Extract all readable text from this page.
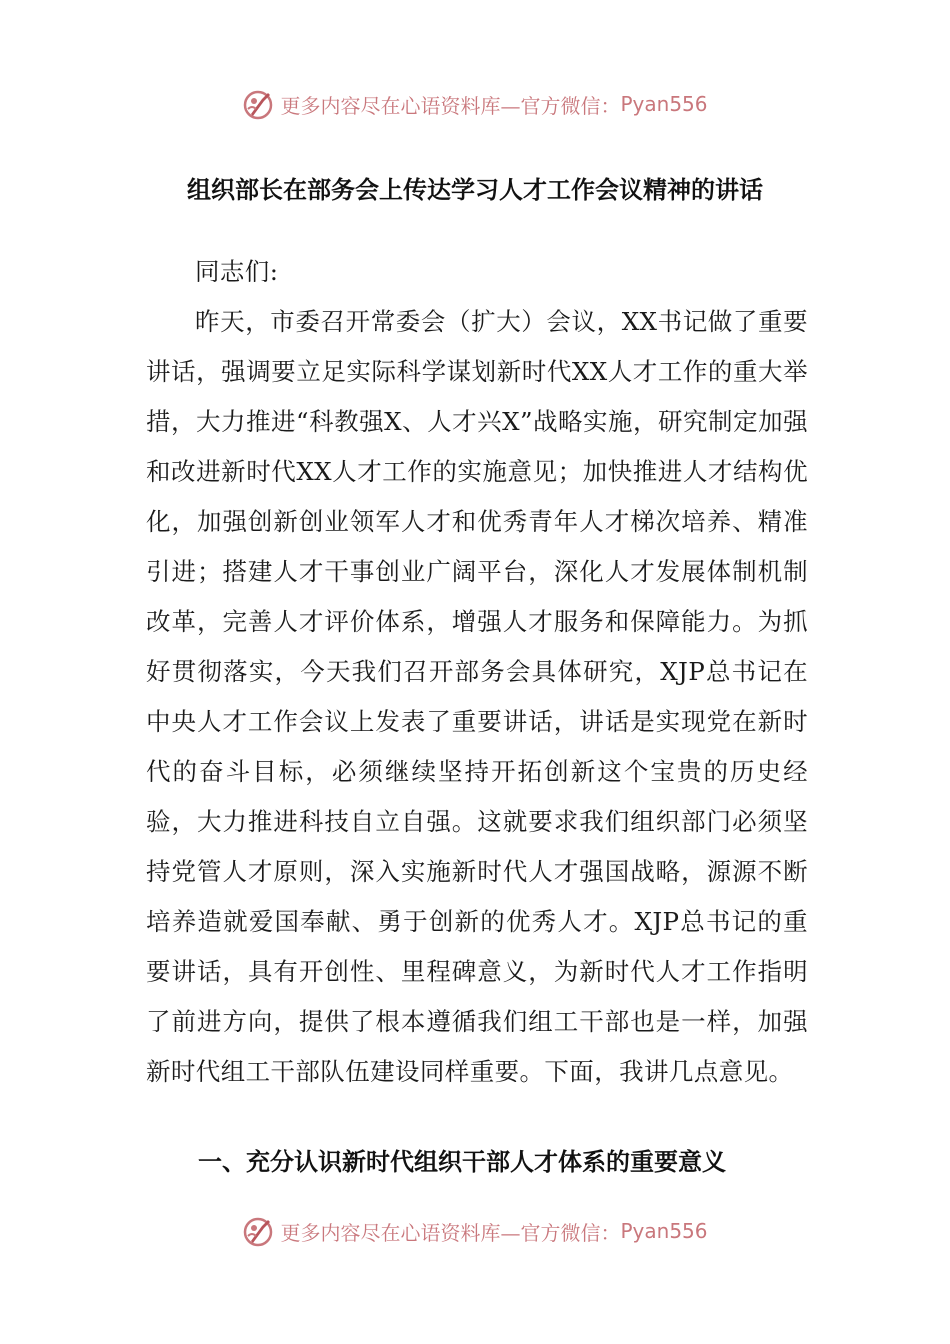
更多内容尽在心语资料库—官方微信： Pyan556
组织部长在部务会上传达学习人才工作会议精神的讲话

同志们:

昨天，市委召开常委会（扩大）会议，XX书记做了重要讲话，强调要立足实际科学谋划新时代XX人才工作的重大举措，大力推进“科教强X、人才兴X”战略实施，研究制定加强和改进新时代XX人才工作的实施意见；加快推进人才结构优化，加强创新创业领军人才和优秀青年人才梯次培养、精准引进；搭建人才干事创业广阔平台，深化人才发展体制机制改革，完善人才评价体系，增强人才服务和保障能力。为抓好贯彻落实，今天我们召开部务会具体研究，XJP总书记在中央人才工作会议上发表了重要讲话，讲话是实现党在新时代的奋斗目标，必须继续坚持开拓创新这个宝贵的历史经验，大力推进科技自立自强。这就要求我们组织部门必须坚持党管人才原则，深入实施新时代人才强国战略，源源不断培养造就爱国奉献、勇于创新的优秀人才。XJP总书记的重要讲话，具有开创性、里程碑意义，为新时代人才工作指明了前进方向，提供了根本遵循我们组工干部也是一样，加强新时代组工干部队伍建设同样重要。下面，我讲几点意见。

一、充分认识新时代组织干部人才体系的重要意义
更多内容尽在心语资料库—官方微信： Pyan556
